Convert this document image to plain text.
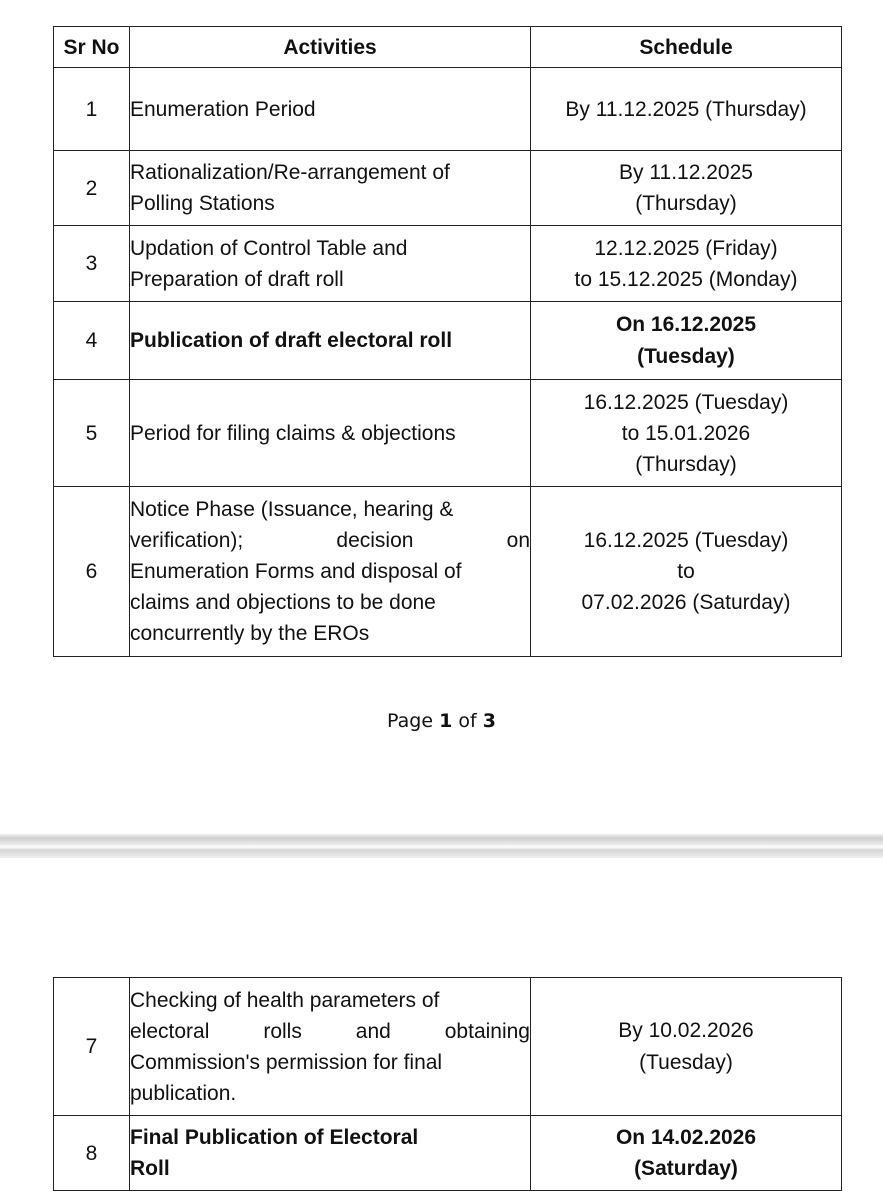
Sr No	Activities	Schedule
1	Enumeration Period	By 11.12.2025 (Thursday)
2	Rationalization/Re-arrangement of
Polling Stations	By 11.12.2025
(Thursday)
3	Updation of Control Table and
Preparation of draft roll	12.12.2025 (Friday)
to 15.12.2025 (Monday)
4	Publication of draft electoral roll	On 16.12.2025
(Tuesday)
5	Period for filing claims & objections	16.12.2025 (Tuesday)
to 15.01.2026
(Thursday)
6	Notice Phase (Issuance, hearing &
verification); decision on
Enumeration Forms and disposal of
claims and objections to be done
concurrently by the EROs	16.12.2025 (Tuesday)
to
07.02.2026 (Saturday)
Page 1 of 3
7	Checking of health parameters of
electoral rolls and obtaining
Commission's permission for final
publication.	By 10.02.2026
(Tuesday)
8	Final Publication of Electoral
Roll	On 14.02.2026
(Saturday)
